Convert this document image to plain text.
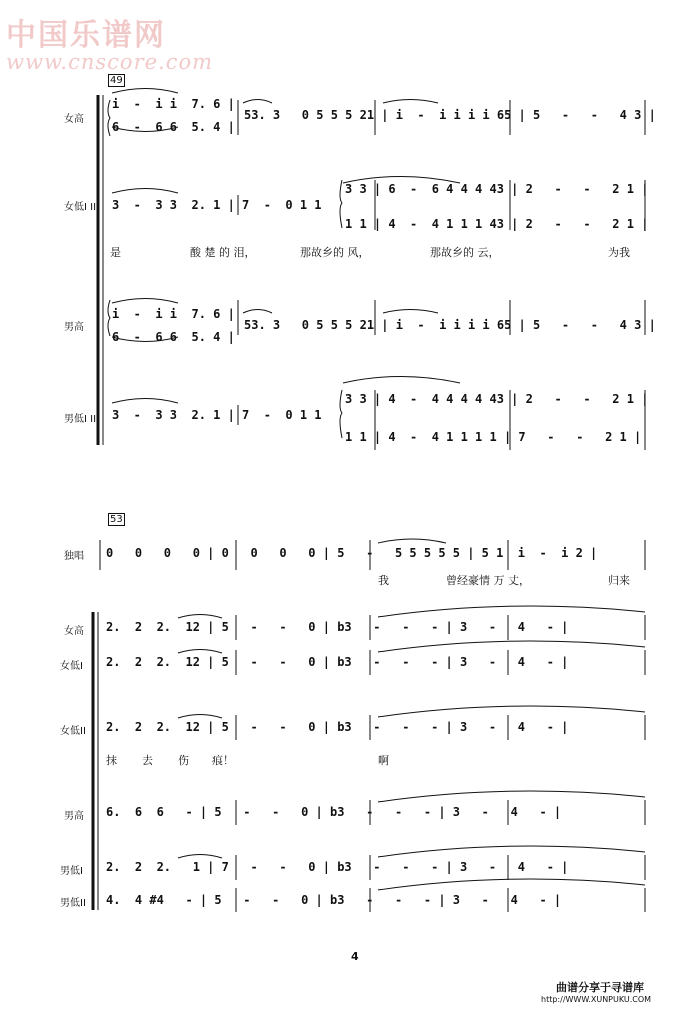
中国乐谱网
www.cnscore.com
49
女高
i  -  i i  7. 6 |
6  -  6 6  5. 4 |
53. 3   0 5 5 5 21 | i  -  i i i i 65 | 5   -   -   4 3 |
女低I II 3  -  3 3  2. 1 | 7  -  0 1 1
3 3 | 6  -  6 4 4 4 43 | 2   -   -   2 1 |
1 1 | 4  -  4 1 1 1 43 | 2   -   -   2 1 |
是	酸 楚 的 泪，	那故乡的 风，	那故乡的 云，	为我
男高
i  -  i i  7. 6 |
6  -  6 6  5. 4 |
53. 3   0 5 5 5 21 | i  -  i i i i 65 | 5   -   -   4 3 |
男低I II 3  -  3 3  2. 1 | 7  -  0 1 1
3 3 | 4  -  4 4 4 4 43 | 2   -   -   2 1 |
1 1 | 4  -  4 1 1 1 1 | 7   -   -   2 1 |
53
独唱 0   0   0   0 | 0   0   0   0 | 5   -   5 5 5 5 5 | 5 1  i  -  i 2 |
我	曾经豪情 万 丈，	归来
女高 2.  2  2.  12 | 5   -   -   0 | b3   -   -   - | 3   -   4   - |
女低I 2.  2  2.  12 | 5   -   -   0 | b3   -   -   - | 3   -   4   - |
女低II 2.  2  2.  12 | 5   -   -   0 | b3   -   -   - | 3   -   4   - |
抹 去 伤 痕！	啊
男高 6.  6  6   - | 5   -   -   0 | b3   -   -   - | 3   -   4   - |
男低I 2.  2  2.   1 | 7   -   -   0 | b3   -   -   - | 3   -   4   - |
男低II 4.  4 #4   - | 5   -   -   0 | b3   -   -   - | 3   -   4   - |
4
曲谱分享于寻谱库
http://WWW.XUNPUKU.COM
